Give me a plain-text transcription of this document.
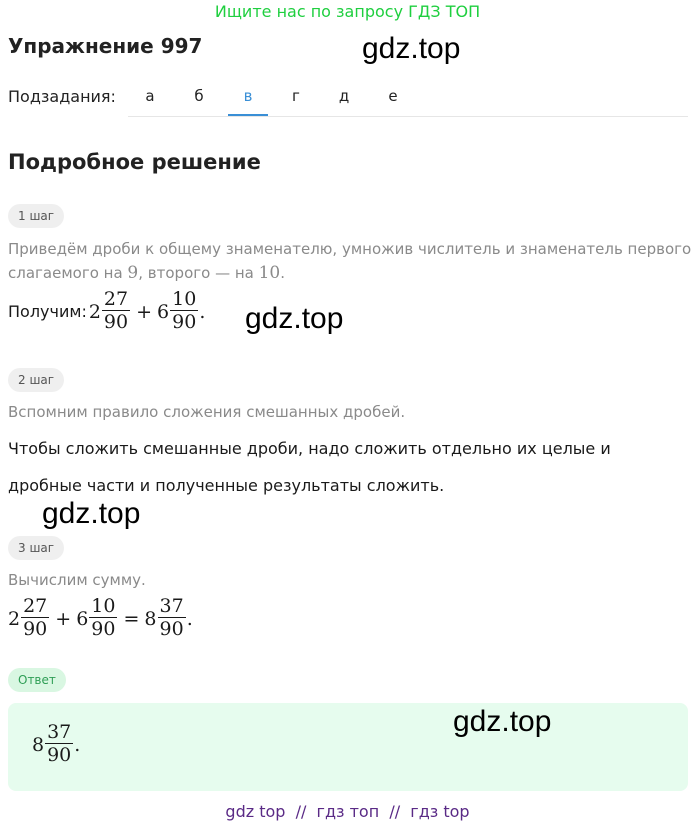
Ищите нас по запросу ГДЗ ТОП
Упражнение 997	gdz.top
Подзадания:	а	б	в	г	д	е
Подробное решение
1 шаг
Приведём дроби к общему знаменателю, умножив числитель и знаменатель первого
слагаемого на 9, второго — на 10.
Получим: $2 \frac{27}{90} + 6 \frac{10}{90}$ . gdz.top
2 шаг
Вспомним правило сложения смешанных дробей.
Чтобы сложить смешанные дроби, надо сложить отдельно их целые и
дробные части и полученные результаты сложить.
gdz.top
3 шаг
Вычислим сумму.
$2 \frac{27}{90} + 6 \frac{10}{90} = 8 \frac{37}{90}$ .
Ответ
$8 \frac{37}{90}$ .
gdz.top
gdz top  //  гдз топ  //  гдз top
